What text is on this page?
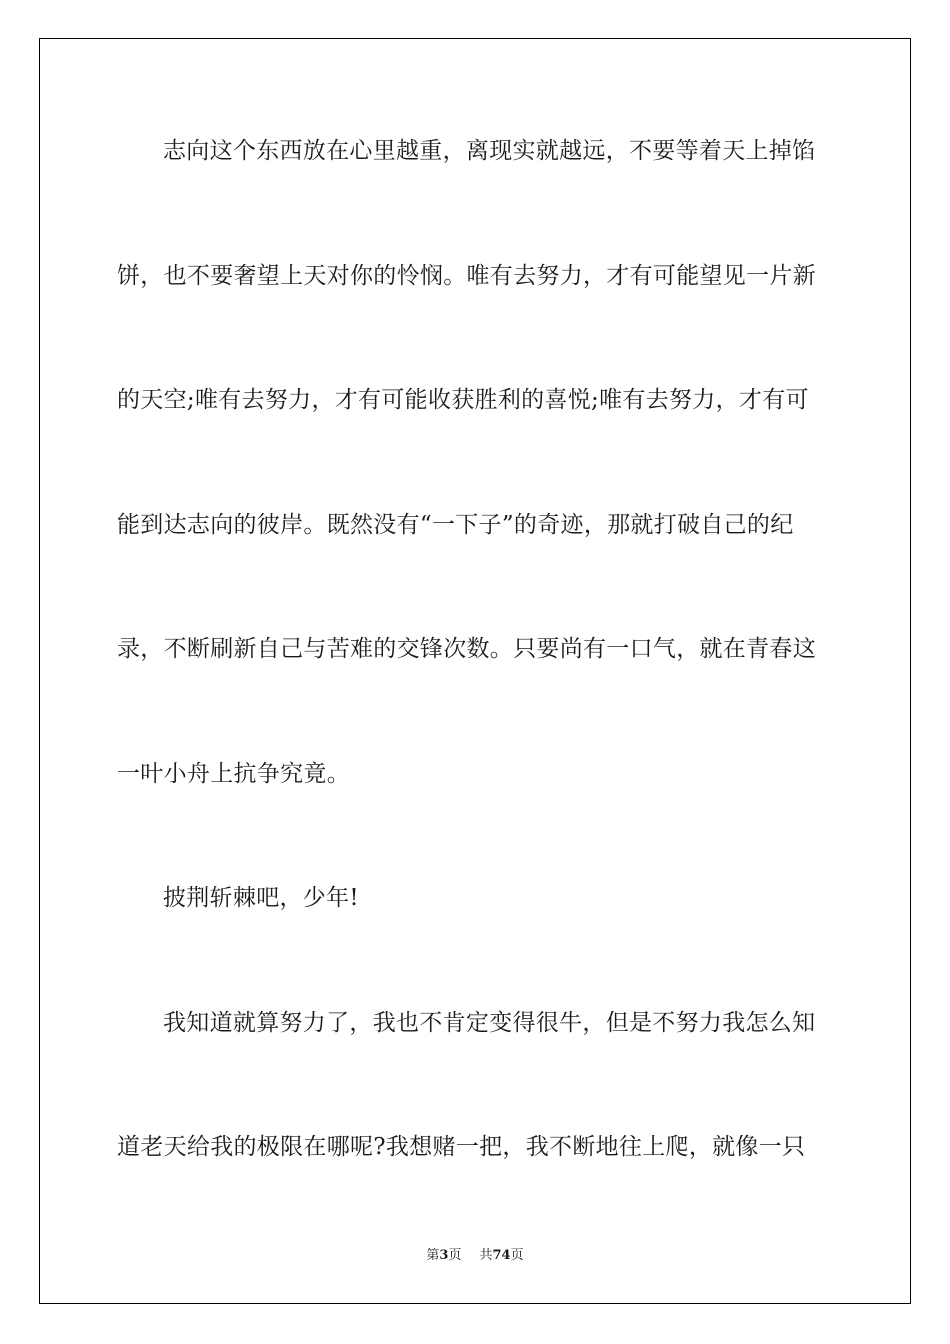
志向这个东西放在心里越重，离现实就越远，不要等着天上掉馅

饼，也不要奢望上天对你的怜悯。唯有去努力，才有可能望见一片新

的天空;唯有去努力，才有可能收获胜利的喜悦;唯有去努力，才有可

能到达志向的彼岸。既然没有“一下子”的奇迹，那就打破自己的纪

录，不断刷新自己与苦难的交锋次数。只要尚有一口气，就在青春这

一叶小舟上抗争究竟。

披荆斩棘吧，少年!

我知道就算努力了，我也不肯定变得很牛，但是不努力我怎么知

道老天给我的极限在哪呢?我想赌一把，我不断地往上爬，就像一只

第3页 共74页
